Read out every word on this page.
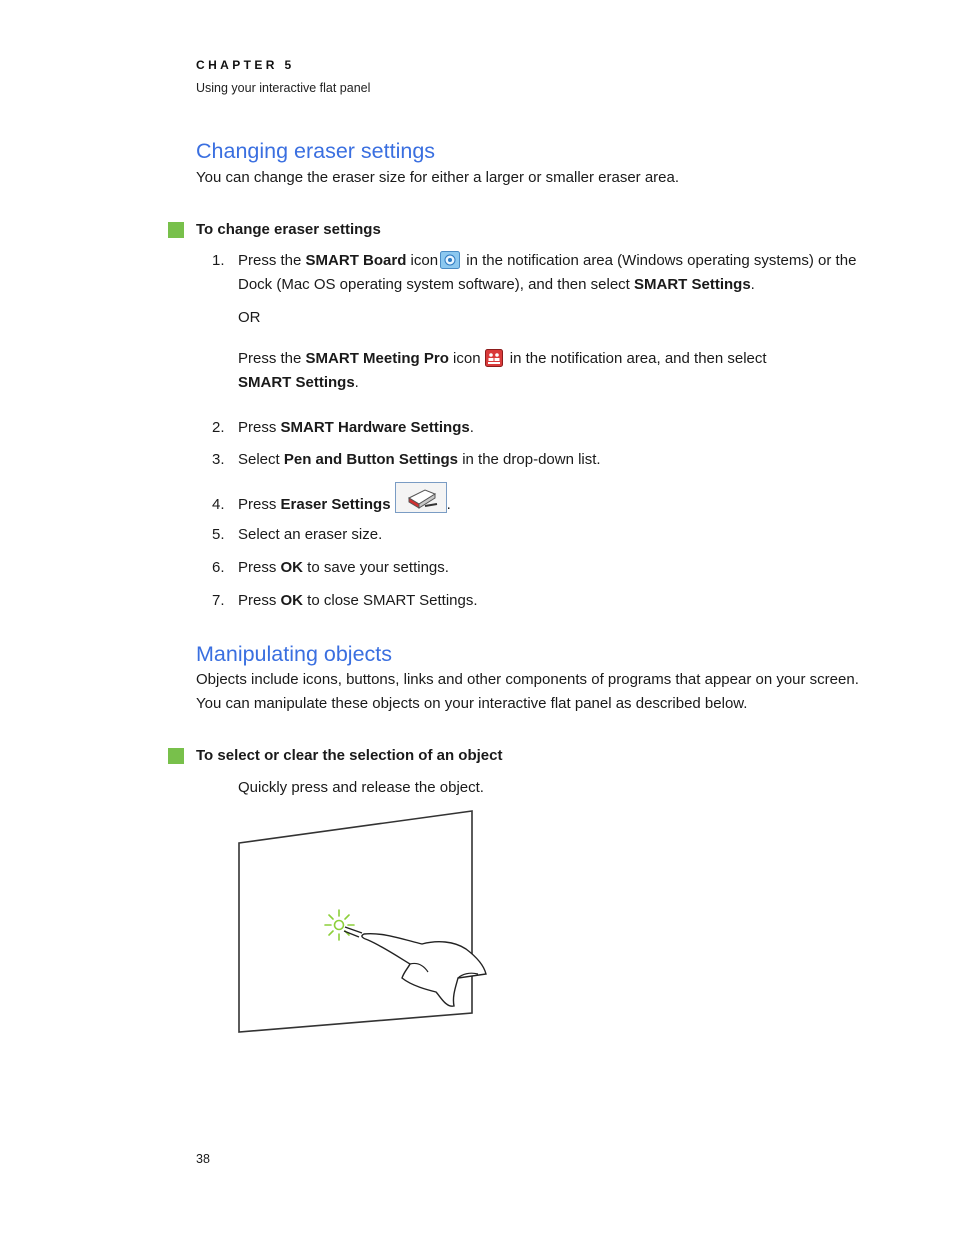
CHAPTER 5
Using your interactive flat panel
Changing eraser settings
You can change the eraser size for either a larger or smaller eraser area.
To change eraser settings
1. Press the SMART Board icon in the notification area (Windows operating systems) or the Dock (Mac OS operating system software), and then select SMART Settings.
OR
Press the SMART Meeting Pro icon in the notification area, and then select
SMART Settings.
2. Press SMART Hardware Settings.
3. Select Pen and Button Settings in the drop-down list.
4. Press Eraser Settings	.
5. Select an eraser size.
6. Press OK to save your settings.
7. Press OK to close SMART Settings.
Manipulating objects
Objects include icons, buttons, links and other components of programs that appear on your screen.
You can manipulate these objects on your interactive flat panel as described below.
To select or clear the selection of an object
Quickly press and release the object.
38
